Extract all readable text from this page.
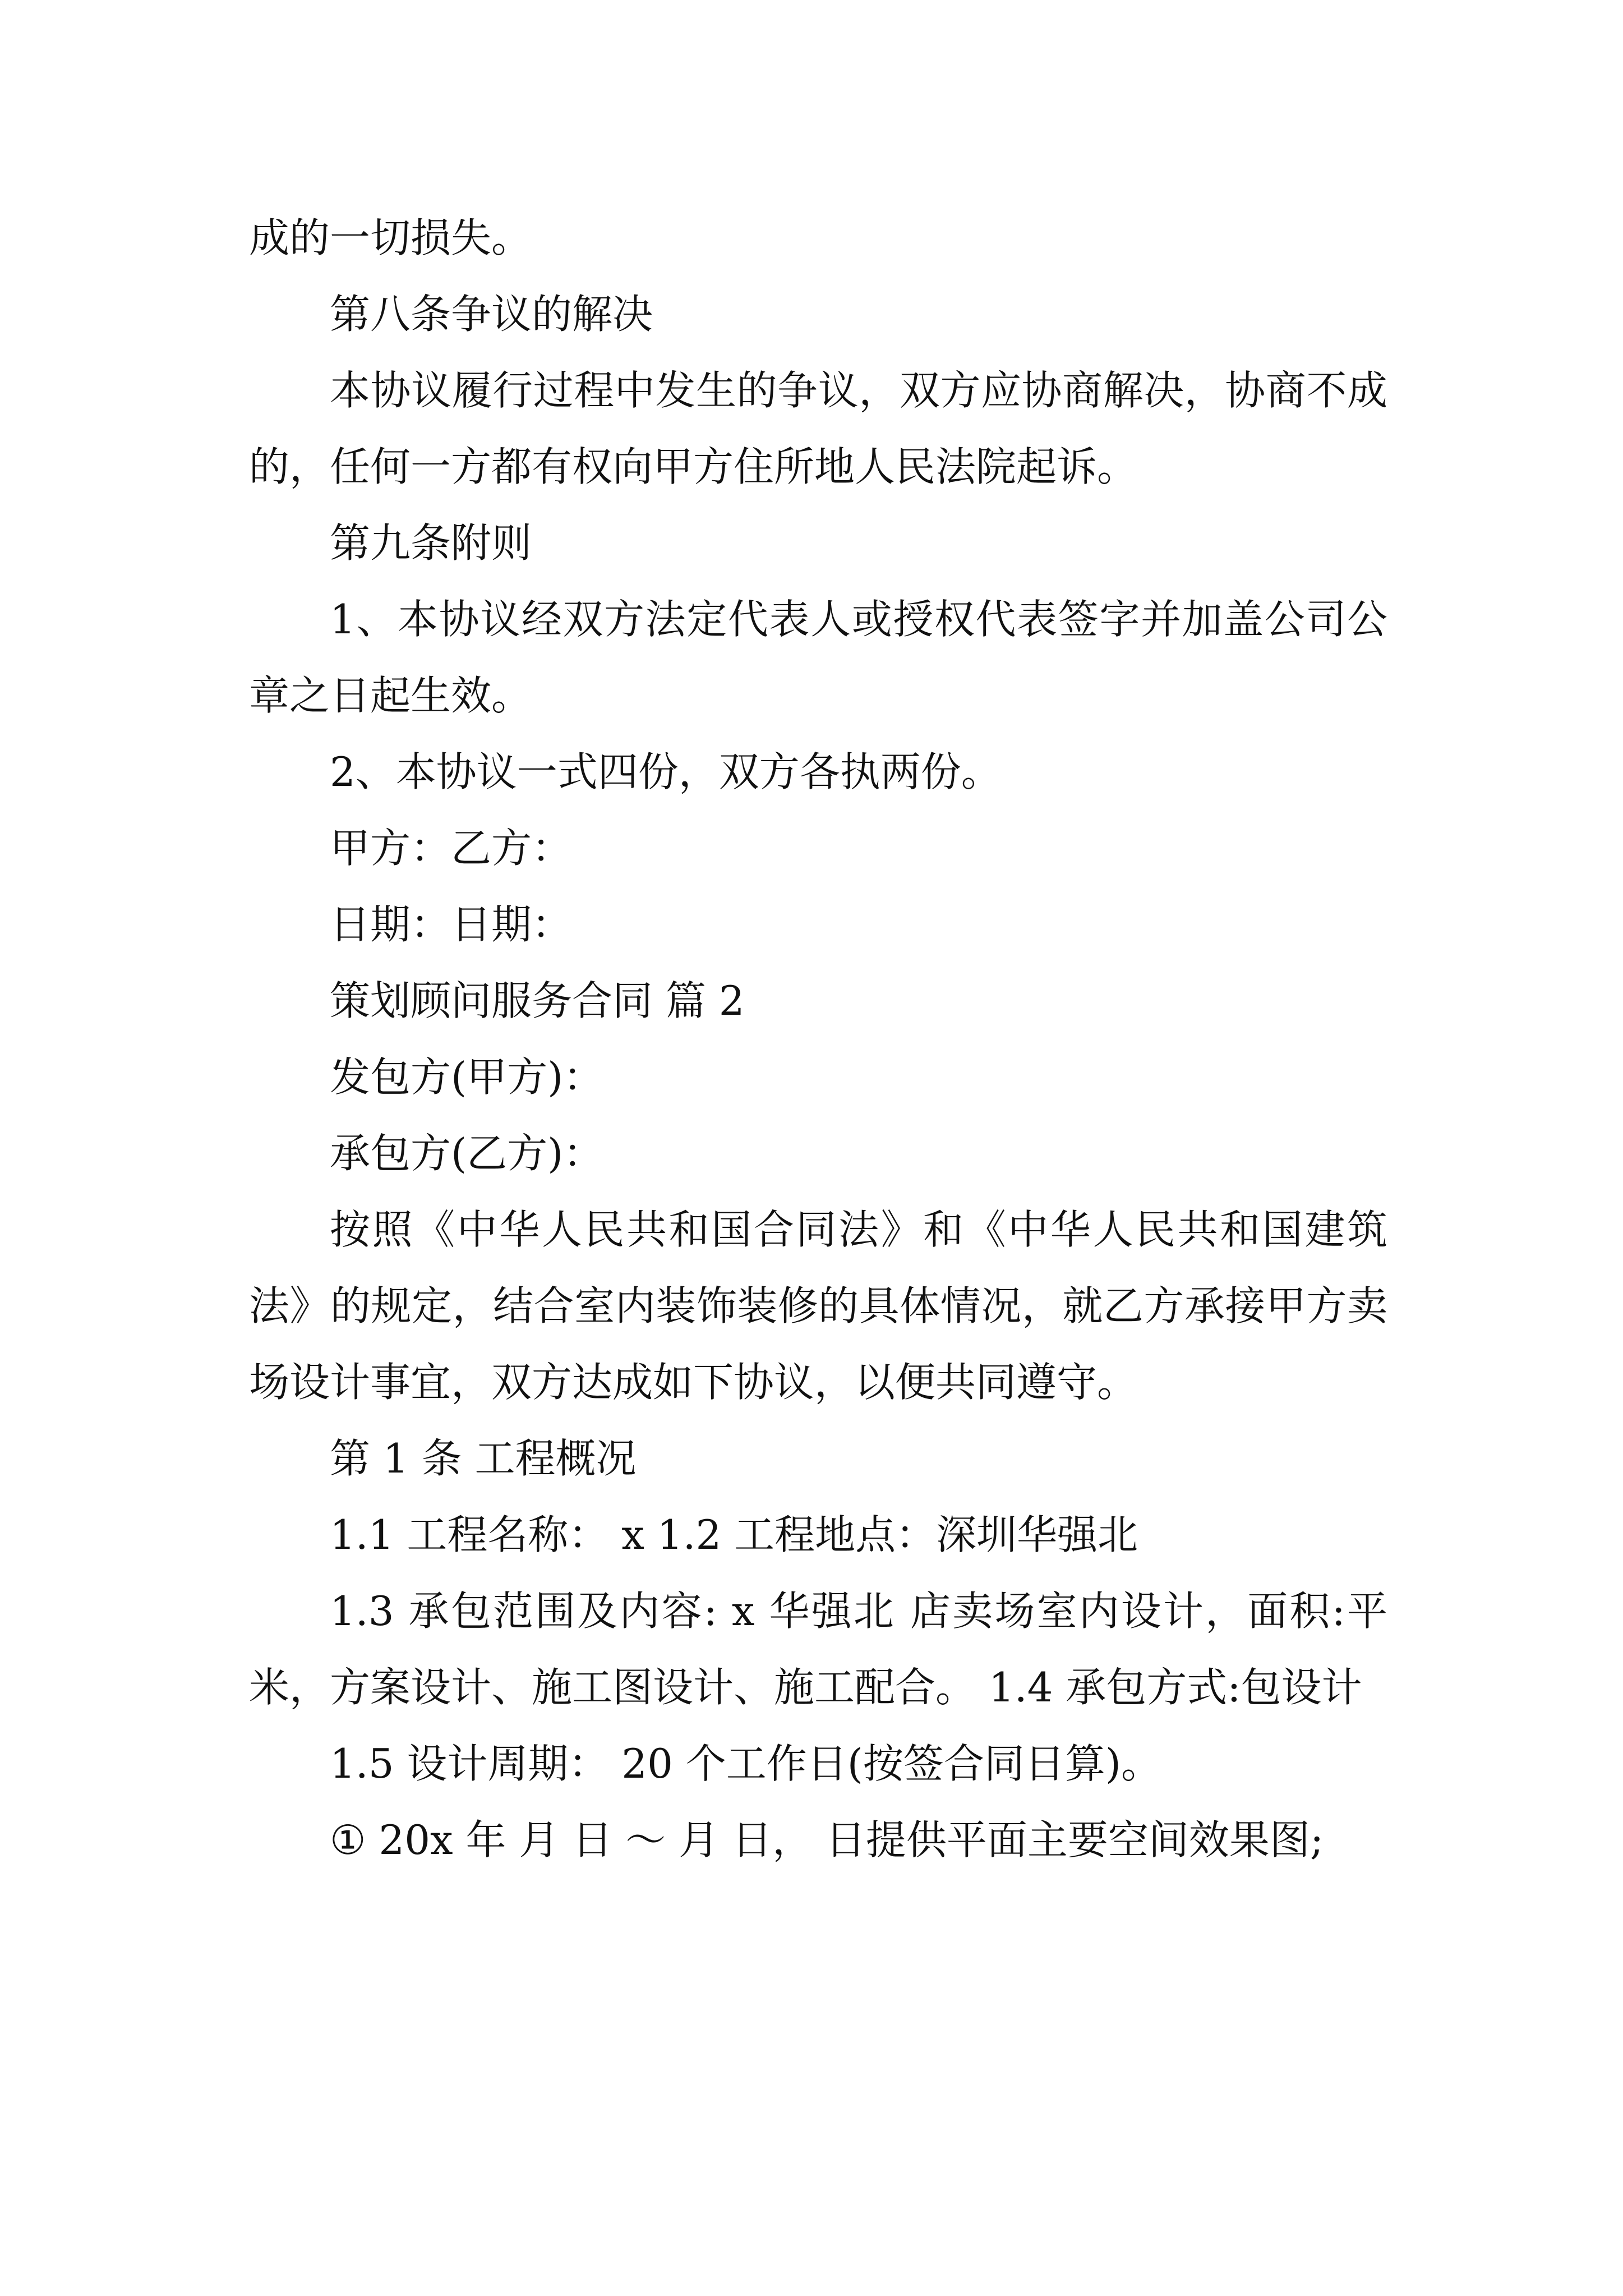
成的一切损失。

第八条争议的解决

本协议履行过程中发生的争议，双方应协商解决，协商不成的，任何一方都有权向甲方住所地人民法院起诉。

第九条附则

1、本协议经双方法定代表人或授权代表签字并加盖公司公章之日起生效。

2、本协议一式四份，双方各执两份。

甲方：乙方：

日期：日期：

策划顾问服务合同 篇 2

发包方(甲方)：

承包方(乙方)：

按照《中华人民共和国合同法》和《中华人民共和国建筑法》的规定，结合室内装饰装修的具体情况，就乙方承接甲方卖场设计事宜，双方达成如下协议，以便共同遵守。

第 1 条 工程概况

1.1 工程名称： x 1.2 工程地点：深圳华强北

1.3 承包范围及内容: x 华强北 店卖场室内设计，面积:平米，方案设计、施工图设计、施工配合。 1.4 承包方式:包设计

1.5 设计周期： 20 个工作日(按签合同日算)。

① 20x 年 月 日 ～ 月 日， 日提供平面主要空间效果图;
